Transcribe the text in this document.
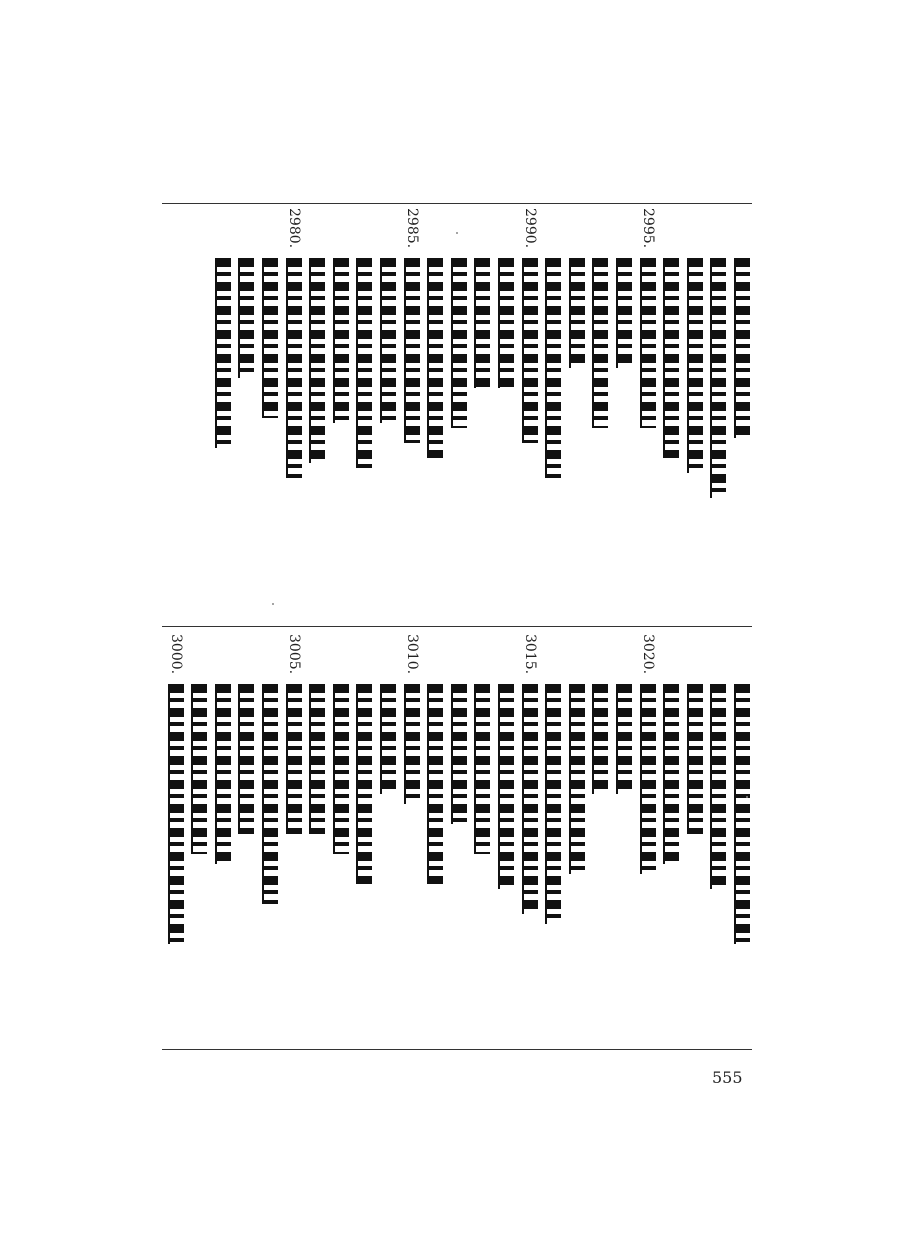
2995.
2990.
2985.
2980.
3020.
3015.
3010.
3005.
3000.
555
